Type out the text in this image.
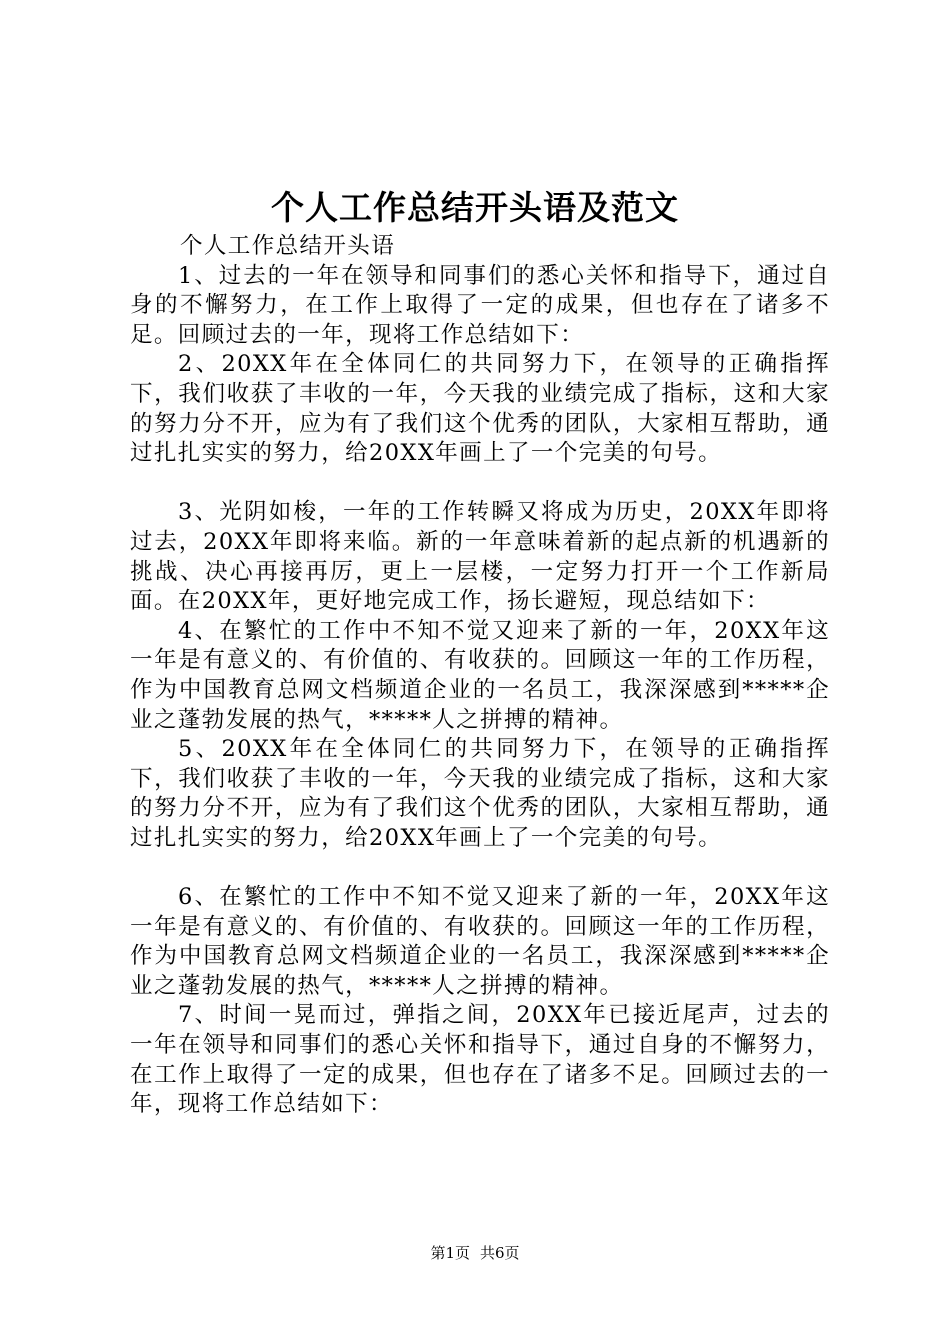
个人工作总结开头语及范文

个人工作总结开头语

1、过去的一年在领导和同事们的悉心关怀和指导下，通过自身的不懈努力，在工作上取得了一定的成果，但也存在了诸多不足。回顾过去的一年，现将工作总结如下：

2、20XX年在全体同仁的共同努力下，在领导的正确指挥下，我们收获了丰收的一年，今天我的业绩完成了指标，这和大家的努力分不开，应为有了我们这个优秀的团队，大家相互帮助，通过扎扎实实的努力，给20XX年画上了一个完美的句号。

3、光阴如梭，一年的工作转瞬又将成为历史，20XX年即将过去，20XX年即将来临。新的一年意味着新的起点新的机遇新的挑战、决心再接再厉，更上一层楼，一定努力打开一个工作新局面。在20XX年，更好地完成工作，扬长避短，现总结如下：

4、在繁忙的工作中不知不觉又迎来了新的一年，20XX年这一年是有意义的、有价值的、有收获的。回顾这一年的工作历程，作为中国教育总网文档频道企业的一名员工，我深深感到*****企业之蓬勃发展的热气，*****人之拼搏的精神。

5、20XX年在全体同仁的共同努力下，在领导的正确指挥下，我们收获了丰收的一年，今天我的业绩完成了指标，这和大家的努力分不开，应为有了我们这个优秀的团队，大家相互帮助，通过扎扎实实的努力，给20XX年画上了一个完美的句号。

6、在繁忙的工作中不知不觉又迎来了新的一年，20XX年这一年是有意义的、有价值的、有收获的。回顾这一年的工作历程，作为中国教育总网文档频道企业的一名员工，我深深感到*****企业之蓬勃发展的热气，*****人之拼搏的精神。

7、时间一晃而过，弹指之间，20XX年已接近尾声，过去的一年在领导和同事们的悉心关怀和指导下，通过自身的不懈努力，在工作上取得了一定的成果，但也存在了诸多不足。回顾过去的一年，现将工作总结如下：

第1页 共6页
